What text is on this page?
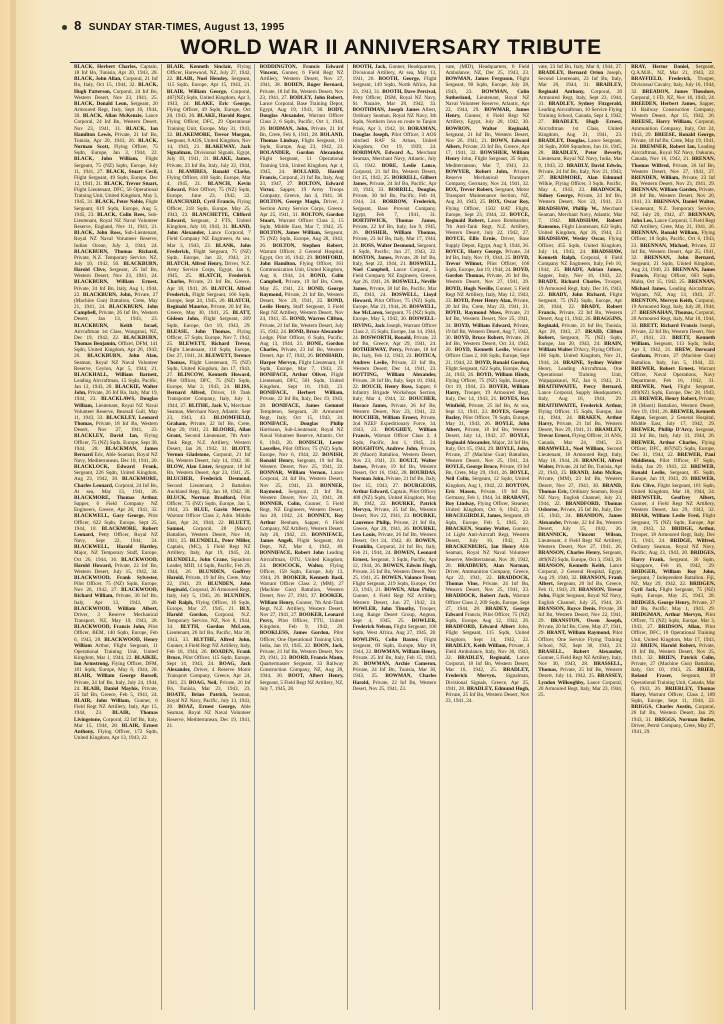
8 SUNDAY STAR-TIMES, August 13, 1995
WORLD WAR II ANNIVERSARY TRIBUTE
BLACK, Herbert Charles, Captain, 18 Inf Bn, Tunisia, Apr 20, 1943, 28. BLACK, John Allan, Corporal, 21 Inf Bn, Italy, Oct 15, 1944, 32. BLACK, Hugh Patterson, Corporal, 24 Inf Bn, Western Desert, Nov 23, 1941, 25. BLACK, Donald Leon, Sergeant, 20 Armoured Regt, Italy, Sept 16, 1944, 30. BLACK, Allan McKenzie, Lance Corporal, 24 Inf Bn, Western Desert, Nov 23, 1941, 31. BLACK, Ian Hamilton Lewis, Private, 21 Inf Bn, Tunisia, Apr 20, 1943, 26. BLACK, Norman Scott, Flying Officer, 75 Sqdn, Europe, Jan 3, 1944, 22. BLACK, John William, Flight Sergeant, 75 (NZ) Sqdn, Europe, July 11, 1941, 27. BLACK, Stuart Cecil, Flight Sergeant, 49 Sqdn, Europe, Dec 12, 1941, 21. BLACK, Trevor Stuart, Flight Lieutenant, DFC, 56 Operational Training Unit, United Kingdom, May 3, 1945, 31. BLACK, Peter Noble, Flight Sergeant, 619 Sqdn, Europe, Aug 5, 1945, 23. BLACK, Colin Rees, Sub-Lieutenant, Royal NZ Naval Volunteer Reserve, England, Nov 11, 1941, 21. BLACK, John Ross, Sub-Lieutenant, Royal NZ Naval Volunteer Reserve, Indian Ocean, July 2, 1944, 24. BLACKBURN, Thomas Richard, Private, N.Z. Temporary Service, NZ, July 10, 1942, 50. BLACKBURN, Harold Clive, Sergeant, 25 Inf Bn, Western Desert, Nov 23, 1941, 24. BLACKBURN, William Ernest, Private, 24 Inf Bn, Italy, Aug 1, 1944, 22. BLACKBURN, John, Private, 27 (Machine Gun) Battalion, Crete, May 21, 1941, 24. BLACKBURN, John Campbell, Private, 26 Inf Bn, Western Desert, Jan 13, 1943, 23. BLACKBURN, Keith Israel, Aircraftman 1st Class, Wanganui, NZ, Dec 19, 1942, 22. BLACKBURN, Thomas Benjamin, Officer, DFM, 141 Sqdn, United Kingdom, Apr 26, 1943, 26. BLACKBURN, John Alan, Seaman, Royal NZ Naval Volunteer Reserve, Ceylon, Apr 5, 1944, 21. BLACKHALL, William Barnett, Leading Aircraftman, 15 Sqdn, Pacific, Jan 12, 1943, 20. BLACKIE, Walter John, Private, 26 Inf Bn, Italy, Mar 19, 1944, 23. BLACKLAWS, Douglas William, Lieutenant, Royal NZ Naval Volunteer Reserve, Bearsall Gull, May 11, 1943, 33. BLACKLEY, Leonard Thomas, Private, 18 Inf Bn, Western Desert, Nov 27, 1941, 23. BLACKLEY, David Ian, Flying Officer, 75 (NZ) Sqdn, Europe, Sept 30, 1944, 28. BLACKMAN, James Bernard Eric, Able Seaman, Royal NZ Navy, Mediterranean, Dec 18, 1941, 20. BLACKLOCK, Edward Frank, Sergeant, 226 Sqdn, United Kingdom, Aug 23, 1942, 30. BLACKMORE, Charles Leonard, Corporal, 24 Inf Bn, At sea, May 13, 1941, 26. BLACKMORE, Thomas Arthur, Sapper, 6 Field Company NZ Engineers, Greece, Apr 26, 1941, 32. BLACKWELL, Gary George, Pilot Officer, 622 Sqdn, Europe, Sept 25, 1944, 18. BLACKMORE, Robert Leonard, Petty Officer, Royal NZ Navy, Sept 22, 1944, 24. BLACKWELL, Harold Hartley, Major, NZ Temporary Staff, Europe, Oct 26, 1944, 36. BLACKWOOD, Harold Howard, Private, 22 Inf Bn, Western Desert, July 15, 1942, 34. BLACKWOOD, Frank Sylvester, Pilot Officer, 75 (NZ) Sqdn, Europe, Nov 26, 1942, 27. BLACKWOOD, Richard William, Private, 30 Inf Bn, Italy, Apr 13, 1943, 26. BLACKWOOD, William Albert, Driver, 3 Reserve Mechanical Transport, NZ, May 19, 1943, 28. BLACKWOOD, Francis John, Pilot Officer, BEM, 140 Sqdn, Europe, Feb 6, 1943, 28. BLACKWOOD, Henry William Arthur, Flight Sergeant, 11 Operational Training Unit, United Kingdom, Mar 1, 1944, 22. BLAIKIE, Ian Armstrong, Flying Officer, DFM, 161 Sqdn, Europe, May 6, 1944, 28. BLAIR, William George Russell, Private, 24 Inf Bn, Italy, July 24, 1944, 24. BLAIR, Daniel Mayhis, Private, 25 Inf Bn, Greece, Feb 5, 1941, 24. BLAIR, John William, Gunner, 6 Field Regt NZ Artillery, Italy, Apr 15, 1944, 23. BLAIR, Thomas Livingstone, Corporal, 22 Inf Bn, Italy, Mar 15, 1944, 28. BLAIR, Ernest Anthony, Flying Officer, 172 Sqdn, United Kingdom, Apr 13, 1943, 22.
BLAIR, Kenneth Sinclair, Flying Officer, Harewood, NZ, July 27, 1942, 22. BLAIR, Noel Hensley, Sergeant, 115 Sqdn, Europe, Apr 15, 1943, 21. BLAIR, William George, Corporal, 487(NZ) Sqdn, United Kingdom, Apr 3, 1943, 24. BLAKE, Eric George, Flying Officer, 49 Sqdn, Europe, Oct 28, 1943, 26. BLAKE, Harold Roger, Flying Officer, DFC, 29 Operational Training Unit, Europe, May 31, 1943, 32. BLAKEMORE, Trevor Morgan, Sergeant, 8 AOS, United Kingdom, Nov 14, 1943, 21. BLAKEWAY, Jack Signalman, Divisional Signals, Egypt, July 19, 1941, 31. BLAKE, James, Private, 23 Inf Bn, Italy, July 22, 1944, 34. BLAMIRES, Ronald Clarke, Flying Officer, 418 Sqdn, Europe, Mar 4, 1945, 21. BLANCH, Kevin Edward, Pilot Officer, 75 (NZ) Sqdn, Europe, June 23, 1942, 22. BLANCHARD, Cyril Francis, Flying Officer, 218 Sqdn, Europe, May 25, 1943, 23. BLANCHETTE, Clifford Edward, Sergeant, 2 FTS, United Kingdom, July 18, 1943, 31. BLAND, John Alexander, Lance Corporal, 7 Field Company NZ Engineers, At sea, Mar 3, 1943, 23. BLANK, John Frederick, Flight Sergeant, 75 (NZ) Sqdn, Europe, Jan 22, 1943, 21. BLATCH, Alfred Henry, Driver, N.Z. Army Service Corps, Egypt, Jan 6, 1945, 25. BLATCH, Frederick Charles, Private, 21 Inf Bn, Greece, Apr 18, 1941, 26. BLATCH, Alfred Frederick, Flight Sergeant, 166 Sqdn, Europe, Sept 24, 1945, 26. BLATCH, Reginald Maurice, Private, 20 Inf Bn, Greece, May 30, 1941, 25. BLATT, Gideon John, Flight Sergeant, 269 Sqdn, Europe, Oct 19, 1943, 29. BLEASE, John Thomas, Flying Officer, 57 Sqdn, Europe, Nov 7, 1942, 25. BLEWETT, Richard Trevor, Flight Lieutenant, 110 Sqdn, Europe, Dec 27, 1941, 24. BLEWETT, Terence Thomas, Flight Lieutenant, 75 (NZ) Sqdn, United Kingdom, Jan 17, 1943, 27. BLINCOW, Kenneth Howard, Pilot Officer, DFC, 75 (NZ) Sqdn, Europe, Mar 2, 1943, 24. BLISS, Bernard Alfred, Driver, 18 Tank Transporter Company, Italy, July 1, 1944, 27. BLITHE, Jack V., Merchant Seaman, Merchant Navy, Atlantic, Sept 23, 1943, 43. BLOOMFIELD, Graham, Private, 22 Inf Bn, Crete, May 20, 1941, 23. BLOORE, Allan Grant, Second Lieutenant, 7th Anti-Tank Regt, N.Z. Artillery, Western Desert, Jan 26, 1942, 31. BLOTT, Vernon Gladstone, Corporal, 21 Inf Bn, Western Desert, July 14, 1942, 30. BLOW, Alan Lister, Sergeant, 18 Inf Bn, Western Desert, Apr 23, 1941, 25. BLUCHER, Frederick Desmond, Second Lieutenant, 2 Battalion Auckland Regt, Fiji, Jan 18, 1942, 30. BLUCK, Norman Bradford, Pilot Officer, 75 (NZ) Sqdn, Europe, Jan 5, 1944, 23. BLUE, Gavin Mervyn, Warrant Officer Class 2, Adm. Middle East, Apr 24, 1944, 22. BLUETT, Samuel, Corporal, 28 (Maori) Battalion, Western Desert, Nov 18, 1941, 25. BLUNDELL, Peter Miller, Captain, (MC), 5 Field Regt NZ Artillery, Italy, Apr 19, 1945, 24. BLUNDELL, John Crane, Squadron Leader, MID, 14 Sqdn, Pacific, Feb 29, 1944, 26. BLUNDEN, Godfrey Harold, Private, 19 Inf Bn, Crete, May 22, 1941, 29. BLUNDEN, John Reginald, Corporal, 26 Armoured Regt, Italy, July 5, 1945, 26. BLUNDEN, Neil Ralph, Flying Officer, 16 Sqdn, Europe, Mar 27, 1945, 21. BLY, Harold Gordon, Corporal, N.Z. Temporary Service, NZ, Nov 8, 1944, 34. BLYTH, Gordon McLean, Lieutenant, 26 Inf Bn, Pacific, Mar 30, 1943, 33. BLYTHE, Alfred John, Gunner, 4 Field Regt NZ Artillery, Italy, Feb 18, 1944, 26. BOADEN, Frank Bruce, Pilot Officer, 115 Sqdn, Europe, Sept 14, 1943, 24. BOAG, Jack Alexander, Driver, 4 Reserve Motor Transport Company, Greece, Apr 24, 1941, 23. BOAG, Neil, Private, 26 Inf Bn, Tunisia, Mar 23, 1943, 23. BOATE, Brian Patrick, Seaman, Royal NZ Navy, Pacific, July 13, 1943, 20. BOAZ, Ernest George, Able Seaman, Royal NZ Naval Volunteer Reserve, Mediterranean, Dec 19, 1941, 21.
BODDINGTON, Francis Edward Vincent, Gunner, 6 Field Regt NZ Artillery, Western Desert, Nov 27, 1941, 38. BODEN, Roger Bernard, Private, 18 Inf Bn, Western Desert, Nov 23, 1941, 27. BODLEY, John Robert, Lance Corporal, Base Training Depot, Egypt, Aug 19, 1943, 30. BODY, Douglas Alexander, Warrant Officer Class 2, 6 Sqdn, Pacific, Oct 1, 1944, 26. BODMAN, John, Private, 21 Inf Bn, Crete, Feb 6, 1941, 28. BOLAND, Thomas Lindsay, Flight Sergeant, 10 Sqdn, Europe, Aug 23, 1942, 23. BOLANDER, Gordon Alexander, Flight Sergeant, 11 Operational Training Unit, United Kingdom, Apr 4, 1945, 24. BOLLARD, Harold Francis, Corporal, 21 Inf Bn, Italy, Aug 23, 1947, 27. BOLTON, Edward Victor, Sapper, 19 Army Troops Company, Greece, Jan 4, 1941, 30. BOLTON, George Magin, Driver, 2 Section Army Service Corps, Greece, Apr 25, 1941, 31. BOLTON, Gordon Stuart, Warrant Officer Class 2, 15 Sqdn, Middle East, Mar 7, 1942, 25. BOLTON, James William, Sergeant, 75 (NZ) Sqdn, Europe, Aug 28, 1943, 26. BOLTON, Stephen Robert, Warrant Officer, 2 General Hospital, Egypt, Oct 16, 1942, 29. BOMFORD, John Hamilton, Flying Officer, 161 Communication Unit, United Kingdom, Aug 8, 1944, 24. BOND, Colin Campbell, Private, 19 Inf Bn, Crete, May 25, 1941, 23. BOND, George Raymond, Private, 21 Inf Bn, Western Desert, Nov 29, 1941, 22. BOND, Leslie Henry, Staff Sergeant, 5 Field Regt NZ Artillery, Western Desert, Nov 24, 1941, 35. BOND, Warren Clifton, Private, 21 Inf Bn, Western Desert, July 15, 1942, 24. BOND, Bruce Alexander Lodge, Pilot Officer, 6 Sqdn, Pacific, Aug 13, 1944, 21. BONE, Gordon Charles, Private, 23 Inf Bn, Western Desert, Apr 17, 1943, 26. BONHARD, Harper Mervyn, Flight Lieutenant, 18 Sqdn, Europe, Mar 7, 1943, 25. BONIFACE, Arthur Oliver, Flight Lieutenant, DFC, 501 Sqdn, United Kingdom, Sept 16, 1943, 23. BONIFACE, Herbert William, Private, 22 Inf Bn, Italy, Dec 19, 1943, 28. BONIFACE, James Gemmel Templeton, Sergeant, 20 Armoured Regt, Italy, Oct 15, 1943, 24. BONIFACE, Douglas Philip Harrisson, Sub-Lieutenant, Royal NZ Naval Volunteer Reserve, Atlantic, Oct 6, 1943, 20. BONISCH, Lester Lascelles, Pilot Officer, 75 (NZ) Sqdn, Europe, Nov 6, 1944, 22. BONISH, Ronald Henry, Sergeant, 19 Inf Bn, Western Desert, Nov 25, 1941, 22. BONNAR, William Vernon, Lance Corporal, 24 Inf Bn, Western Desert, Nov 25, 1941, 23. BONNER, Raymond, Sergeant, 21 Inf Bn, Western Desert, Nov 23, 1941, 28. BONNER, Colin, Gunner, 5 Field Regt, NZ Engineers, Western Desert, Jun 28, 1942, 24. BONNEY, Roy Arthur Benham, Sapper, 6 Field Company, NZ Artillery, Western Desert, July 26, 1942, 23. BONNIFACE, James Angell, Flight Sergeant, Air Dept., NZ, Mar 4, 1942, 40. BONNIFACE, Robert John Leading Aircraftman, OTU, United Kingdom, 24. BOOCOCK, Walter, Flying Officer, 158 Sqdn, Europe, July 13, 1944, 29. BOOKER, Kenneth Basil, Warrant Officer Class 2, (MM), 27 (Machine Gun) Battalion, Western Desert, Nov 27, 1941, 37. BOOKER, William Henry, Gunner, 7th Anti-Tank Regt, N.Z. Artillery, Western Desert, Nov 27, 1941, 27. BOOKER, Leonard Percy, Pilot Officer, TTU, United Kingdom, Feb 9, 1942, 29. BOOKLESS, James Gordon, Pilot Officer, One Operational Training Unit, India, Jan 19, 1945, 22. BOON, Jack, Private, 21 Inf Bn, Western Desert, Nov 29, 1941, 23. BOORD, Francis Mann, Quartermaster Sergeant, 33 Railway Construction Company, NZ, Aug 20, 1944, 30. BOOT, Albert Henry, Sergeant, 5 Field Regt NZ Artillery, NZ, July 7, 1945, 28.
BOOTH, Jack, Gunner, Headquarters, Divisional Artillery, At sea, May 13, 1941, 26. BOOTH, George, Flight Sergeant, 149 Sqdn, North Africa, Jun 23, 1943, 31. BOOTH, Dave Percival, Petty Officer, DSM, Royal NZ Navy, St. Nazaire, Mar 28, 1942, 33. BOOTHMAN, Joseph James Albert, Ordinary Seaman, Royal NZ Navy, 3th Sqdn, Northern Java en route to Tanjon Priok, Apr 3, 1942, 18. BORAMAN, Douglas Joseph, Pilot Officer, 3 AOS stitched RAF St. Athan, United Kingdom, Oct 19, 1939, 24. BORDMAN, Edward A., Merchant Seaman, Merchant Navy, Atlantic, July 13, 1942. BORE, Leslie Lance, Corporal, 21 Inf Bn, Western Desert, Oct 25, 1942, 25. BORRELL, Gilbert James, Private, 24 Inf Bn, Pacific, Apr 19, 1943, 33. BORRILL, Douglas, Private, 30 Inf Bn, Pacific, Feb 10, 1944, 24. BORROW, Frederick, Sergeant, Base Provost Company, Egypt, Feb 7, 1941, 31. BORTHWICK, Thomas James, Private, 22 Inf Bn, Italy, Jan 9, 1945, 26. BOSHER, William Thomas, Private, 23 Inf Bn, Italy, Mar 17, 1944, 24. BOSS, Walter Desmond, Sergeant, 6 Sqdn, Pacific, Jun 27, 1943, 22. BOSTON, James, Private, 28 Inf Bn, Italy, Sept 22, 1944, 21. BOSWELL, Noel Campbell, Lance Corporal, 5 Field Company NZ Engineers, Greece, Apr 26, 1941, 26. BOSWELL, Neville James, Private, 30 Inf Bn, Pacific, Mar 25, 1943, 24. BOSWELL, Lloyd Howard, Pilot Officer, 75 (NZ) Sqdn, Europe, Mar 21, 1944, 26. BOSWELL, Joe McLaren, Sergeant, 75 (NZ) Sqdn, Europe, May 5, 1942, 30. BOSWELL-IRVING, Jack Joseph, Warrant Officer Class 2, 15 Sqdn, Europe, Jan 14, 1944, 24. BOSWORTH, Ronald, Private, 22 Inf Bn, Greece, Apr 29, 1941, 24. BOTHERWAY, Percy, Private, 18 Inf Bn, Italy, Feb 12, 1943, 23. BOTICA, Andrew Leslie, Private, 23 Inf Bn, Western Desert, Dec 14, 1941, 23. BOTTING, William Alexander, Private, 26 Inf Bn, Italy, Sept 10, 1944, 22. BOUCH, Henry Ross, Sapper, 6 Infantry Brigade Workshops Section, Italy, Mar 4, 1944, 32. BOUCHER, Horace James, Private, 26 Inf Bn, Western Desert, Nov 23, 1941, 22. BOUCHER, William Ernest, Private, 2nd NZEF Expeditionary Force, 34, 1943, 23. BOUGHEY, William Francis, Warrant Officer Class 2, 4 Sqdn, Pacific, Jun 1, 1945, 24. BOUGHTON, Andrew John, Private, 28 (Maori) Battalion, Western Desert, Nov 23, 1941, 23. BOULT, Walter James, Private, 19 Inf Bn, Western Desert, Oct 16, 1942, 28. BOURDAS, Norman John, Private, 21 Inf Bn, Italy, Dec 15, 1943, 27. BOURGEOIS, Arthur Edward, Captain, Pilot Officer, 488 (NZ) Sqdn, United Kingdom, May 28, 1942, 22. BOURKE, Patrick Mervyn, Private, 25 Inf Bn, Western Desert, Nov 22, 1941, 23. BOURKE, Laurence Philip, Private, 21 Inf Bn, Greece, Apr 20, 1941, 26. BOURKE, Leo Louis, Private, 26 Inf Bn, Western Desert, Oct 24, 1942, 40. BOWEN, Franklin, Corporal, 24 Inf Bn, Italy, Feb 21, 1944, 24. BOWEN, Leonard Ernest, Sergeant, 3 Sqdn, Pacific, Apr 12, 1944, 26. BOWEN, Edwin Hugh, Private, 25 Inf Bn, Western Desert, Nov 25, 1941, 25. BOWEN, Valance Trent, Flight Sergeant, 219 Sqdn, Europe, Oct 23, 1943, 21. BOWEN, Allan Philip, Gunner, 4 Field Regt NZ Artillery, Western Desert, Jun 27, 1942, 24. BOWLER, John Timothy, Trooper, Long Range Desert Group, Aegean, Sept 4, 1945, 25. BOWLER, Frederick Nelson, Flight Sergeant, 100 Sqdn, West Africa, Aug 27, 1945, 28. BOWLING, Colin Baxter, Flight Sergeant, 69 Sqdn, Europe, May 10, 1944, 22. BOWMAN, William Henry, Private, 25 Inf Bn, Italy, Feb 15, 1943, 28. BOWMAN, Archie Cameron, Private, 24 Inf Bn, Tunisia, Mar 30, 1943, 25. BOWMAN, Charles Harold, Private, 22 Inf Bn, Western Desert, Nov 25, 1941, 23.
vate, (MID), Headquarters, 6 Field Ambulance, NZ, Dec 25, 1943, 23. BOWMAN, James Ferguson, Flight Sergeant, 90 Sqdn, Europe, July 28, 1943, 23. BOWMAN, Colin Sutherland, Lieutenant, Royal NZ Naval Volunteer Reserve, Atlantic, Apr 22, 1944, 29. BOWMAR, James Henry, Gunner, 4 Field Regt NZ Artillery, Egypt, July 28, 1942, 30. BOWRON, Walter Reginald, Sergeant, 21 Inf Bn, Western Desert, Nov 26, 1941, 21. BOWN, Edward Albert, Private, 23 Inf Bn, Greece, Apr 17, 1941, 32. BOWSHER, William Henry John, Flight Sergeant, 35 Sqdn, Mediterranean, Mar 7, 1943, 23. BOWYER, Robert John, Private, Reserve Mechanical Transport Company, Germany, Nov 24, 1941, 32. BOX, Trevor Robert, Sergeant, Motor Transport Maintenance Section, NZ, Aug 20, 1943, 25. BOX, Oscar Roy, Flying Officer, 1502 BAT Flight, Europe, Sept 23, 1944, 22. BOYCE, Reginald Robert, Lance Bombardier, 7th Anti-Tank Regt, N.Z. Artillery, Western Desert, July 22, 1942, 27. BOYCE, Ellis Ernie, Driver, Base Supply Depot, Egypt, Aug 9, 1944, 26. BOYCE, Harry George, Private, 24 Inf Bn, Italy, Nov 19, 1944, 25. BOYD, Trevor Wilmot, Pilot Officer, 166 Sqdn, Europe, Jan 19, 1944, 24. BOYD, Gordon Thomas, Private, 26 Inf Bn, Western Desert, Nov 27, 1941, 29. BOYD, Hugh Neville, Gunner, 5 Field Regt NZ Artillery, Italy, May 12, 1943, 23. BOYD, Peter Henry Alan, Private, 20 Inf Bn, Crete, May 23, 1941, 21. BOYD, Raymond Moss, Private, 21 Inf Bn, Western Desert, Nov 25, 1941, 24. BOYD, William Edward, Private, 19 Inf Bn, Western Desert, Aug 7, 1942, 30. BOYD, Bruce Robert, Private, 26 Inf Bn, Western Desert, Oct 24, 1942, 20. BOYD, Kenneth Leslie, Warrant Officer Class 2, 166 Sqdn, Europe, Sept 21, 1944, 22. BOYD, Ronald Gordon, Flight Sergeant, 622 Sqdn, Europe, Aug 24, 1943, 26. BOYD, William Hinds, Flying Officer, 75 (NZ) Sqdn, Europe, Oct 19, 1944, 23. BOYER, William Harry, Trooper, 19 Armoured Regt, Italy, Dec 14, 1943, 21. BOYES, Rex Winfield, Private, 25 Inf Bn, At sea, Sept 13, 1941, 23. BOYES, George Bazley, Pilot Officer, 78 Sqdn, Europe, May 31, 1943, 26. BOYLE, John Albert, Private, 18 Inf Bn, Western Desert, July 14, 1942, 27. BOYLE, Reginald Alexander, Major, 24 Inf Bn, Italy, Oct 15, 1944, 29. BOYLE, John, Private, 27 (Machine Gun) Battalion, Western Desert, Nov 25, 1941, 24. BOYLE, George Bruce, Private, 19 Inf Bn, Crete, May 29, 1941, 26. BOYLE, Neil Colin, Sergeant, 12 Sqdn, United Kingdom, Aug 1, 1942, 22. BOYTON, Eric Mason, Private, 19 Inf Bn, Germany, Feb 1, 1944, 34. BRABANT, Roy Lindsay, Flying Officer, Steamer, United Kingdom, Oct 6, 1943, 23. BRACEGIRDLE, James, Sergeant, 49 Sqdn, Europe, Feb 5, 1945, 22. BRACKEN, Stanley Walter, Gunner, 14 Light Anti-Aircraft Regt, Western Desert, July 16, 1942, 23. BRACKENBURG, Ian Henry Able Seaman, Royal NZ Naval Volunteer Reserve, Mediterranean, Nov 30, 1942, 20. BRADBURY, Alan Norman, Driver, Ammunition Company, Greece, Apr 22, 1941, 22. BRADDOCK, Thomas Vine, Private, 24 Inf Bn, Western Desert, Nov 25, 1941, 23. BRADDOCK, Robert Jack, Warrant Officer Class 2, 209 Sqdn, Europe, Sept 27, 1944, 28. BRADEY, George Edward Francis, Pilot Officer, 75 (NZ) Sqdn, Europe, Aug 12, 1942, 26. BRADFORD, Edward Albert John, Flight Sergeant, 115 Sqdn, United Kingdom, Sept 14, 1942, 22. BRADLEY, Keith William, Private, 4 Field Ambulance, Italy, Nov 30, 1943, 22. BRADLEY, Reginald, Lance Corporal, 18 Inf Bn, Western Desert, Mar 16, 1942, 25. BRADLEY, Frederick Mervyn, Signalman, Divisional Signals, Greece, Apr 25, 1941, 28. BRADLEY, Edmund Hugh, Private, 25 Inf Bn, Western Desert, Nov 23, 1941, 24.
vate, 23 Inf Bn, Italy, Mar 8, 1944, 27. BRADLEY, Bernard Orion Joseph, Second Lieutenant, 23 Inf Bn, Italy, Mar 26, 1944, 31. BRADLEY, Reginald Anthony, Corporal, 20 Armoured Regt, Italy, Sept 23, 1944, 31. BRADLEY, Sydney Fitzgerald, Leading Aircraftman, 10 Service Flying Training School, Canada, Sept 4, 1942, 27. BRADLEY, Hugh Ernest, Aircraftman 1st Class, United Kingdom, Aug 21, 1941, 23. BRADLEY, Douglas, Lance Sergeant, 34 Sqdn, 2008 Squadron, Jun 16, 1945, 28. BRADLEY, Peter Beverly, Lieutenant, Royal NZ Navy, India, Mar 9, 1943, 22. BRADLY, David Edwin, Private, 24 Inf Bn, Italy, Nov 21, 1943, 27. BRADMORE, Alan Edmund Wilkie, Flying Officer, 3 Sqdn, Pacific, May 4, 1943, 23. BRADNOCK, Sidney George, Private, 24 Inf Bn, Western Desert, Nov 23, 1941, 23. BRADSHAW, Phillip W., Merchant Seaman, Merchant Navy, Atlantic, Mar 7, 1942. BRADSHAW, Robert Ransome, Flight Lieutenant, 622 Sqdn, United Kingdom, Apr 26, 1944, 23. BRADSHAW, Wesley Oscar, Flying Officer, 455 Sqdn, United Kingdom, July 14, 1943, 24. BRADSHAW, Kenneth Ralph, Corporal, 6 Field Company NZ Engineers, Italy, Feb 16, 1944, 25. BRADY, Adrian James, Sapper, Italy, Nov 16, 1943, 22. BRADY, Richard Charles, Trooper, 19 Armoured Regt, Italy, Dec 16, 1943, 22. BRADY, John Richard, Flight Sergeant, 75 (NZ) Sqdn, Europe, Apr 26, 1944, 22. BRADY, Robert Francis, Private, 22 Inf Bn, Western Desert, Aug 11, 1942, 26. BRAGGINS, Reginald, Private, 21 Inf Bn, Tunisia, Apr 20, 1943, 27. BRAID, Clifton Robert, Sergeant, 75 (NZ) Sqdn, Europe, Jan 20, 1943, 24. BRAIN, William Walter D'Arcy, Flying Officer, 166 Sqdn, United Kingdom, Nov 21, 1944, 24. BRAINE, Sydney Walter Henry, Leading Aircraftman, One Operational Training Unit, Waipapakauri, NZ, Jan 6, 1943, 21. BRAITHWAITE, Percy Bernard, Lance Corporal, Supply Headquarters, Italy, Aug 16, 1944, 29. BRAITHWAITE, Frederick Arthur, Flying Officer, 15 Sqdn, Europe, Jan 14, 1944, 24. BRAKEN, Arthur Harry, Private, 21 Inf Bn, Western Desert, Nov 29, 1941, 21. BRAMLEY, Trevor Ernest, Flying Officer, 31 ANS, Canada, Mar 24, 1945, 23. BRAMWELL, Noel William, Second Lieutenant, 18 Armoured Regt, Italy, May 18, 1944, 26. BRANCH, Alfred Walter, Private, 24 Inf Bn, Tunisia, Apr 22, 1943, 25. BRAND, John McRae, Private, (MM), 23 Inf Bn, Western Desert, Nov 27, 1941, 30. BRAND, Thomas Eric, Ordinary Seaman, Royal NZ Navy, English Channel, July 23, 1944, 22. BRANDFORD, Thomas Osborne, Private, 25 Inf Bn, Italy, Dec 15, 1943, 24. BRANDON, James Alexander, Private, 22 Inf Bn, Western Desert, July 15, 1942, 26. BRANNICK, Vincent Wilson, Lieutenant, 4 Field Regt NZ Artillery, Western Desert, Nov 27, 1941, 26. BRANSON, Charles Henry, Sergeant, 489(NZ) Sqdn, Europe, Oct 3, 1943, 28. BRANSON, Kenneth Keith, Lance Corporal, 2 General Hospital, Egypt, Aug 29, 1940, 32. BRANSON, Frank Albert, Sergeant, 20 Inf Bn, Greece, Feb 11, 1943, 29. BRANSON, Trevor John, Flight Sergeant, Royal NZ Navy, English Channel, July 25, 1944, 20. BRANSON, Royce Denis, Private, 28 Inf Bn, Western Desert, Nov 22, 1941, 29. BRANSTON, Owen Joseph, Private, 20 Inf Bn, Crete, May 27, 1941, 29. BRANT, William Raymond, Pilot Officer, One Service Flying Training School, NZ, Sept 30, 1943, 23. BRASELL, Robert Alexander, Gunner, 5 Field Regt NZ Artillery, Italy, Nov 30, 1943, 28. BRASSELL, Thomas, Private, 25 Inf Bn, Western Desert, July 14, 1942, 25. BRASSEY, Lyndon Willoughby, Lance Corporal, 20 Armoured Regt, Italy, Mar 23, 1944, 25.
BRAY, Hector Daniel, Sergeant, Q.A.M.B., NZ, Mar 21, 1943, 22. BRAYFIELD, Frederick, Trooper, Divisional Cavalry, Italy, July 16, 1944, 32. BREADON, James Theodore, Corporal, 1 FD, NZ, Nov 16, 1943, 24. BREEDEN, Herbert James, Sapper, 13 Railway Construction Company, Western Desert, Apr 15, 1942, 26. BREESE, Harry William, Corporal, Ammunition Company, Italy, Oct 24, 1943, 29. BREESE, Ronald George, Private, 18 Inf Bn, Crete, May 19, 1941, 24. BREMNER, Robert Ian, Leading Aircraftman, Royal NZ Navy, Oakurau, Canada, Nov 16, 1942, 21. BRENAN, Thomas Wilfred, Private, 26 Inf Bn, Western Desert, Nov 27, 1941, 27. BRENDEN, William, Private, 23 Inf Bn, Western Desert, Nov 23, 1941, 29. BRENNAN, William Garden, Private, 26 Inf Bn, Western Desert, Nov 20, 1941, 23. BRENNAN, Daniel Walter, Lieutenant, N.Z. Temporary Service, NZ, July 20, 1942, 47. BRENNAN, John Leo, Lance Corporal, 5 Field Regt NZ Artillery, Crete, May 21, 1941, 26. BRENNAN, Ronald William, Flying Officer, 18 Sqdn, Pacific, Oct 6, 1943, 23. BRENNAN, Michael, Private, 22 Inf Bn, Western Desert, Apr 25, 1941, 32. BRENNAN, John Bernard, Sergeant, 21 Sqdn, United Kingdom, Aug 24, 1940, 23. BRENNAN, James Francis, Flying Officer, 603 Sqdn, Malta, Oct 15, 1942, 25. BRENNAN, Michael James, Leading Aircraftman, Wigram, NZ, Aug 13, 1943, 27. BRENTON, Mervyn Keith, Corporal, 19 Armoured Regt, Italy, July 28, 1944, 27. BRESNAHAN, Thomas, Corporal, 20 Armoured Regt, Italy, Mar 18, 1944, 33. BRETT, Richard Francis Joseph, Private, 22 Inf Bn, Western Desert, Nov 27, 1941, 23. BRETT, Kenneth William, Sergeant, 113 Sqdn, India, Apr 3, 1942, 21. BREW, Derward Graham, Private, 27 (Machine Gun) Battalion, Italy, Jun 5, 1944, 22. BREWER, Robert Ernest, Warrant Officer, Naval Operations, Navy Department, Feb 16, 1942, 31. BREWER, Noel, Flight Sergeant, 489(NZ) Sqdn, Europe, Dec 28, 1943, 23. BREWER, Henry Robert, Private, 28 (Maori) Battalion, Western Desert, Nov 19, 1941, 26. BREWER, Kenneth Edgar, Sergeant, 2 General Hospital, Middle East, July 17, 1942, 29. BREWER, Phillip D'Arcy, Sergeant, 22 Inf Bn, Italy, July 31, 1944, 26. BREWER, Arthur Charles, Flying Officer, DFC, 487(NZ) Sqdn, Europe, Dec 31, 1944, 22. BREWER, Paul Middleton, Pilot Officer, 67 Sqdn, India, Jan 29, 1943, 22. BREWER, Ronald Leslie, Sergeant, 85 Sqdn, Europe, Jan 19, 1943, 29. BREWER, Eric Clive, Flight Sergeant, 161 Sqdn, United Kingdom, Mar 18, 1944, 24. BREWSTER, Geoffrey Albert, Gunner, 4 Field Regt NZ Artillery, Western Desert, Jan 29, 1943, 32. BRIAR, William Leslie Fred, Flight Sergeant, 75 (NZ) Sqdn, Europe, Apr 28, 1943, 32. BRIDGE, Arthur, Trooper, 18 Armoured Regt, Italy, Dec 15, 1943, 24. BRIDGE, Wilfred, Ordinary Seaman, Royal NZ Navy, Pacific, Aug 23, 1943, 20. BRIDGES, Harry Frank, Sergeant, 36 Sqdn, Singapore, Feb 16, 1942, 29. BRIDGER, William Roy John, Sergeant, 7 Independent Battalion, Fiji, NZ, May 29, 1942, 22. BRIDGEN, Cyril Jack, Flight Sergeant, 75 (NZ) Sqdn, Europe, May 25, 1943, 28. BRIDGES, George Henry, Private, 27 Inf Bn, Pacific, May 1, 1943, 29. BRIDGMAN, Arthur Mervyn, Pilot Officer, 75 (NZ) Sqdn, Europe, Mar 3, 1943, 27. BRIDSON, Allan, Pilot Officer, DFC, 10 Operational Training Unit, United Kingdom, Mar 17, 1943, 22. BRIEN, Harold Robert, Private, 19 Inf Bn, Western Desert, Nov 25, 1941, 32. BRIEN, Patrick Colin, Private, 27 (Machine Gun) Battalion, Italy, Oct 10, 1943, 25. BRIER, Roland Fraser, Sergeant, 39 Operational Training Unit, Canada, Mar 6, 1943, 26. BRIERLEY, Thomas Harry, Warrant Officer, Class 2, 189 Sqdn, Europe, Sept 11, 1944, 22. BRIGGS, Charles Austin, Corporal, 26 Inf Bn, Western Desert, Jan 29, 1943, 31. BRIGGS, Norman Butler, Driver, Petrol Company, Crete, May 27, 1941, 29.
